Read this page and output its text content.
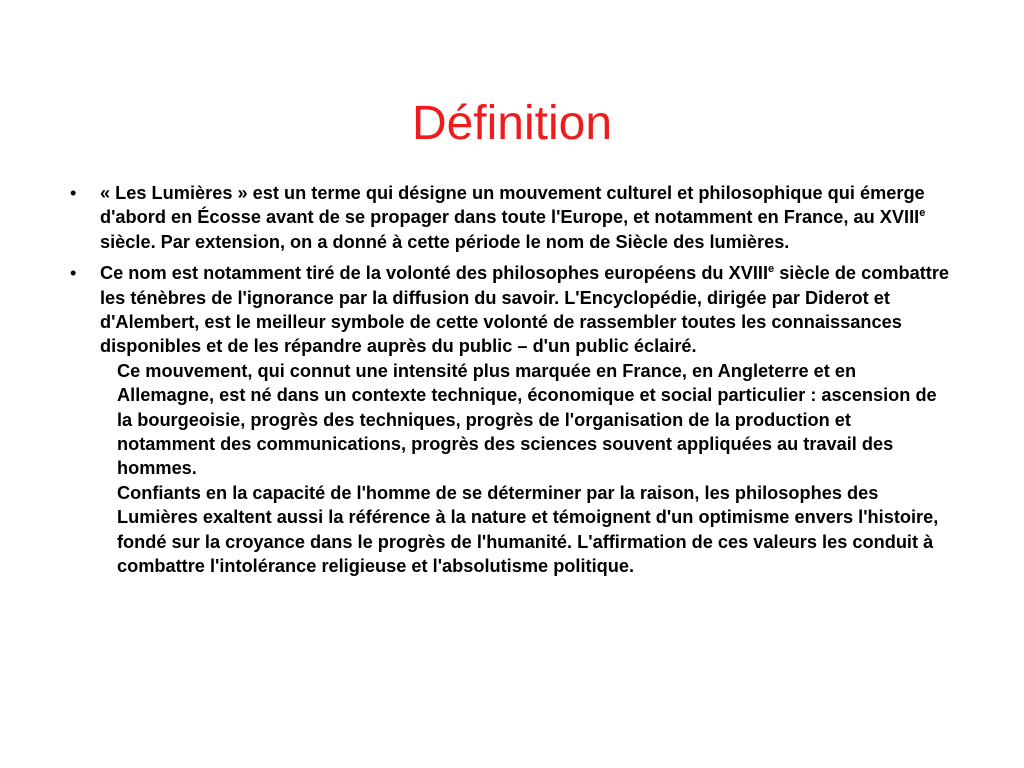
Définition
• « Les Lumières » est un terme qui désigne un mouvement culturel et philosophique qui émerge d'abord en Écosse avant de se propager dans toute l'Europe, et notamment en France, au XVIIIe siècle. Par extension, on a donné à cette période le nom de Siècle des lumières.
• Ce nom est notamment tiré de la volonté des philosophes européens du XVIIIe siècle de combattre les ténèbres de l'ignorance par la diffusion du savoir. L'Encyclopédie, dirigée par Diderot et d'Alembert, est le meilleur symbole de cette volonté de rassembler toutes les connaissances disponibles et de les répandre auprès du public – d'un public éclairé.
Ce mouvement, qui connut une intensité plus marquée en France, en Angleterre et en Allemagne, est né dans un contexte technique, économique et social particulier : ascension de la bourgeoisie, progrès des techniques, progrès de l'organisation de la production et notamment des communications, progrès des sciences souvent appliquées au travail des hommes.
Confiants en la capacité de l'homme de se déterminer par la raison, les philosophes des Lumières exaltent aussi la référence à la nature et témoignent d'un optimisme envers l'histoire, fondé sur la croyance dans le progrès de l'humanité. L'affirmation de ces valeurs les conduit à combattre l'intolérance religieuse et l'absolutisme politique.
